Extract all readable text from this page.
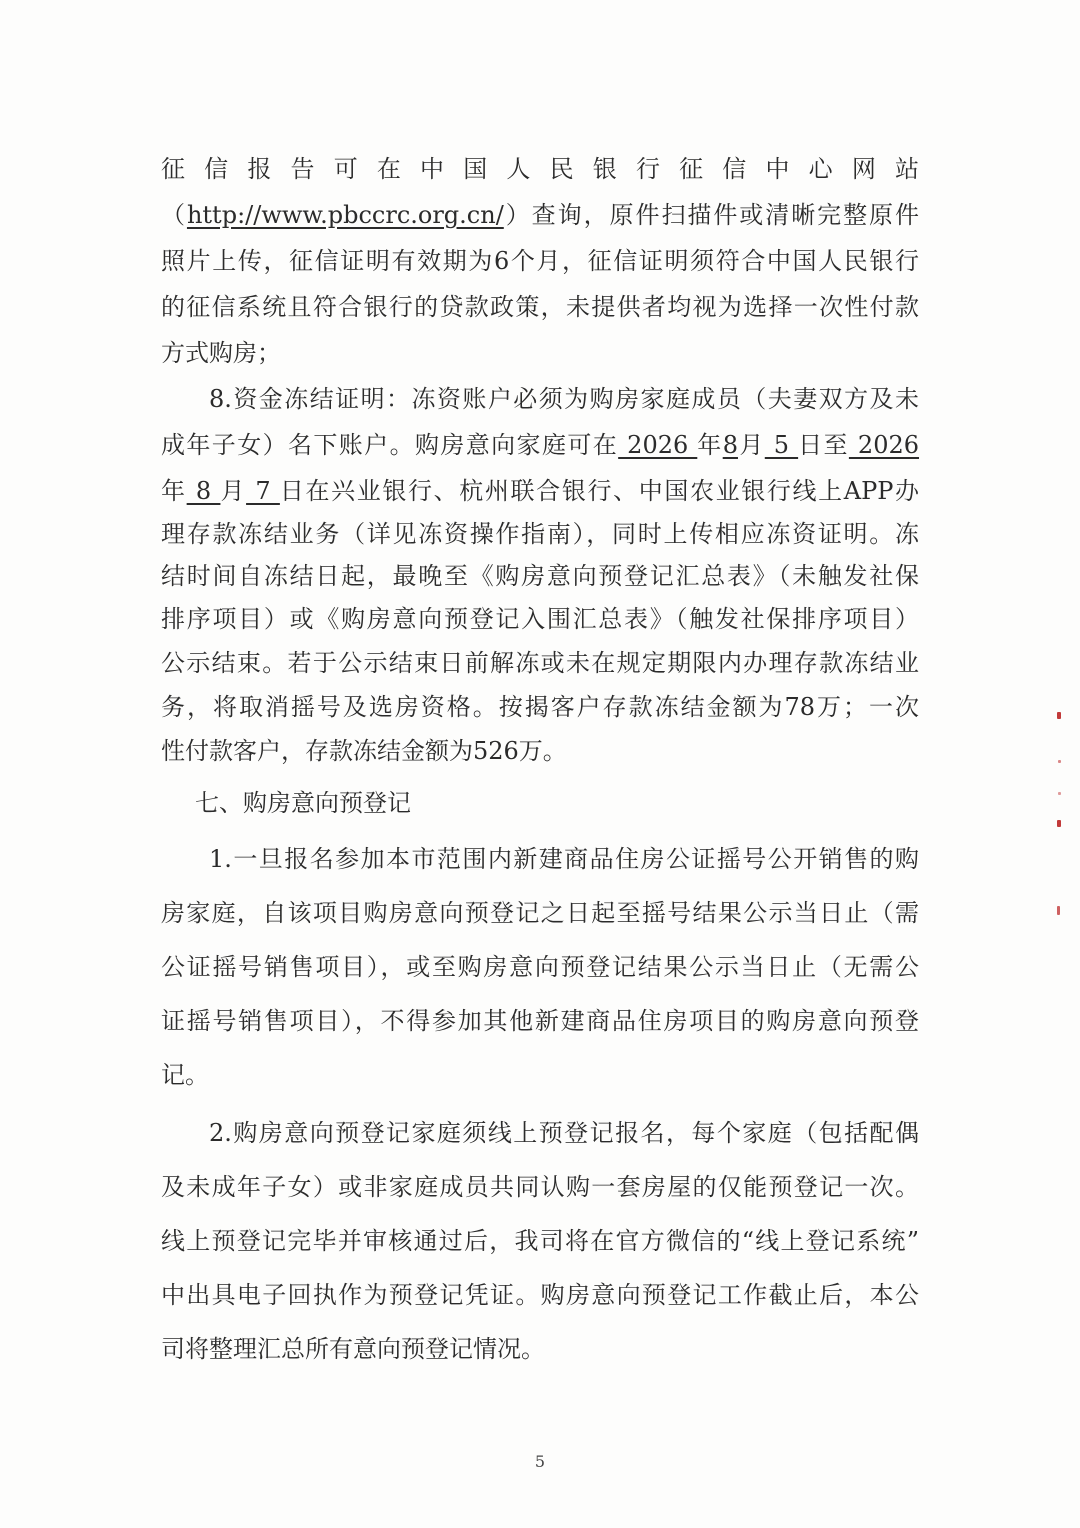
征信报告可在中国人民银行征信中心网站
（http://www.pbccrc.org.cn/）查询，原件扫描件或清晰完整原件
照片上传，征信证明有效期为6个月，征信证明须符合中国人民银行
的征信系统且符合银行的贷款政策，未提供者均视为选择一次性付款
方式购房；
8.资金冻结证明：冻资账户必须为购房家庭成员（夫妻双方及未
成年子女）名下账户。购房意向家庭可在 2026 年8月 5 日至 2026
年 8 月 7 日在兴业银行、杭州联合银行、中国农业银行线上APP办
理存款冻结业务（详见冻资操作指南），同时上传相应冻资证明。冻
结时间自冻结日起，最晚至《购房意向预登记汇总表》（未触发社保
排序项目）或《购房意向预登记入围汇总表》（触发社保排序项目）
公示结束。若于公示结束日前解冻或未在规定期限内办理存款冻结业
务，将取消摇号及选房资格。按揭客户存款冻结金额为78万；一次
性付款客户，存款冻结金额为526万。
七、购房意向预登记
1.一旦报名参加本市范围内新建商品住房公证摇号公开销售的购
房家庭，自该项目购房意向预登记之日起至摇号结果公示当日止（需
公证摇号销售项目），或至购房意向预登记结果公示当日止（无需公
证摇号销售项目），不得参加其他新建商品住房项目的购房意向预登
记。
2.购房意向预登记家庭须线上预登记报名，每个家庭（包括配偶
及未成年子女）或非家庭成员共同认购一套房屋的仅能预登记一次。
线上预登记完毕并审核通过后，我司将在官方微信的“线上登记系统”
中出具电子回执作为预登记凭证。购房意向预登记工作截止后，本公
司将整理汇总所有意向预登记情况。
5
